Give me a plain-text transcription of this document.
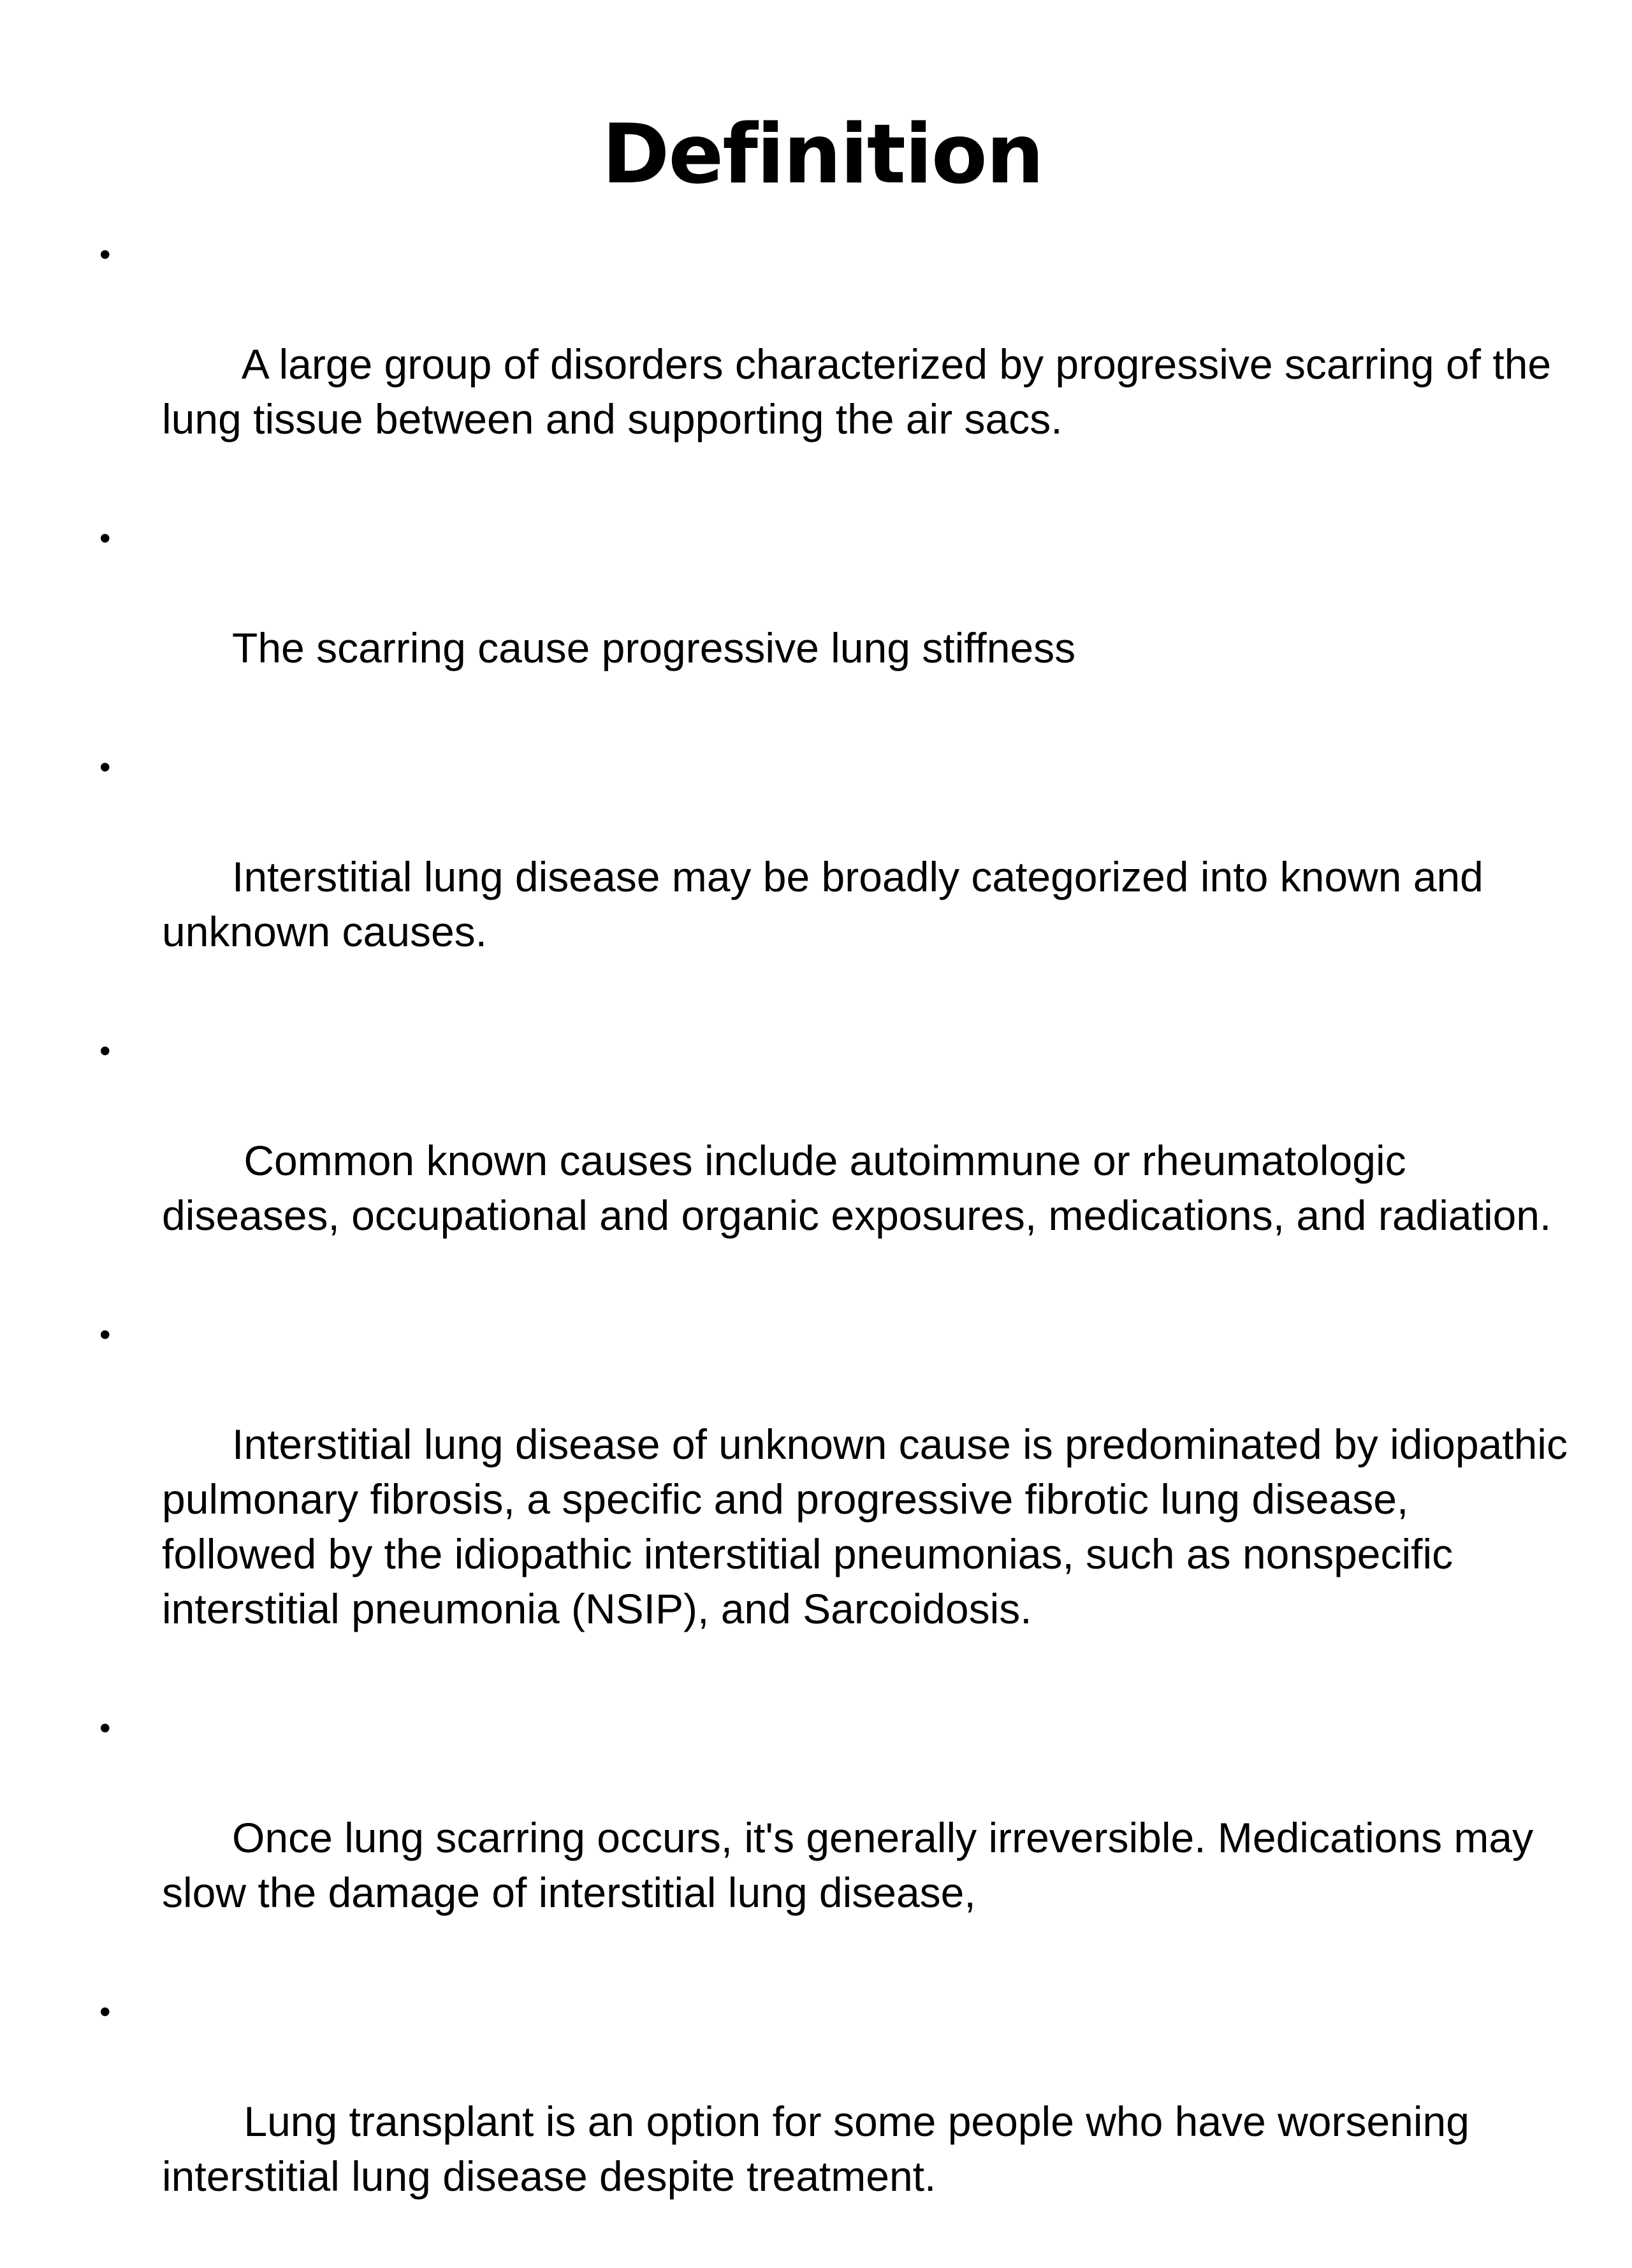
Definition

•

A large group of disorders characterized by progressive scarring of the lung tissue between and supporting the air sacs.

•

The scarring cause progressive lung stiffness

•

Interstitial lung disease may be broadly categorized into known and unknown causes.

•

Common known causes include autoimmune or rheumatologic diseases, occupational and organic exposures, medications, and radiation.

•

Interstitial lung disease of unknown cause is predominated by idiopathic pulmonary fibrosis, a specific and progressive fibrotic lung disease, followed by the idiopathic interstitial pneumonias, such as nonspecific interstitial pneumonia (NSIP), and Sarcoidosis.

•

Once lung scarring occurs, it's generally irreversible. Medications may slow the damage of interstitial lung disease,

•

Lung transplant is an option for some people who have worsening interstitial lung disease despite treatment.
